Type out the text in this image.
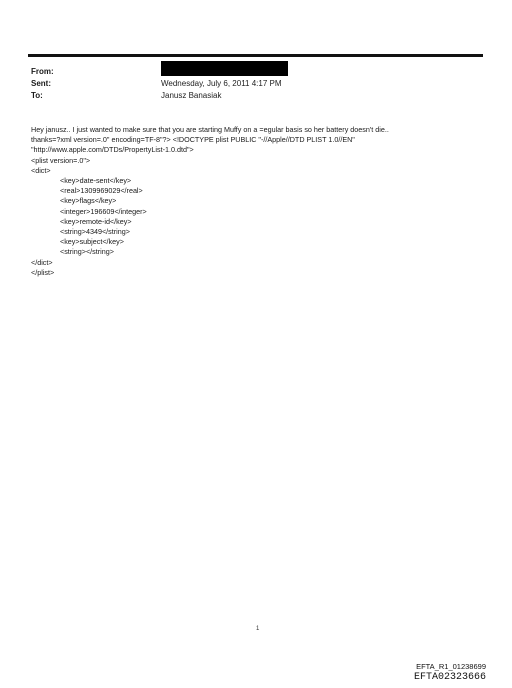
From:
Sent:	Wednesday, July 6, 2011 4:17 PM
To:	Janusz Banasiak
Hey janusz.. I just wanted to make sure that you are starting Muffy on a =egular basis so her battery doesn't die..
thanks=?xml version=.0" encoding=TF-8"?> <!DOCTYPE plist PUBLIC "-//Apple//DTD PLIST 1.0//EN"
"http://www.apple.com/DTDs/PropertyList-1.0.dtd">
<plist version=.0">
<dict>
<key>date-sent</key>
<real>1309969029</real>
<key>flags</key>
<integer>196609</integer>
<key>remote-id</key>
<string>4349</string>
<key>subject</key>
<string></string>
</dict>
</plist>
1
EFTA_R1_01238699
EFTA02323666
